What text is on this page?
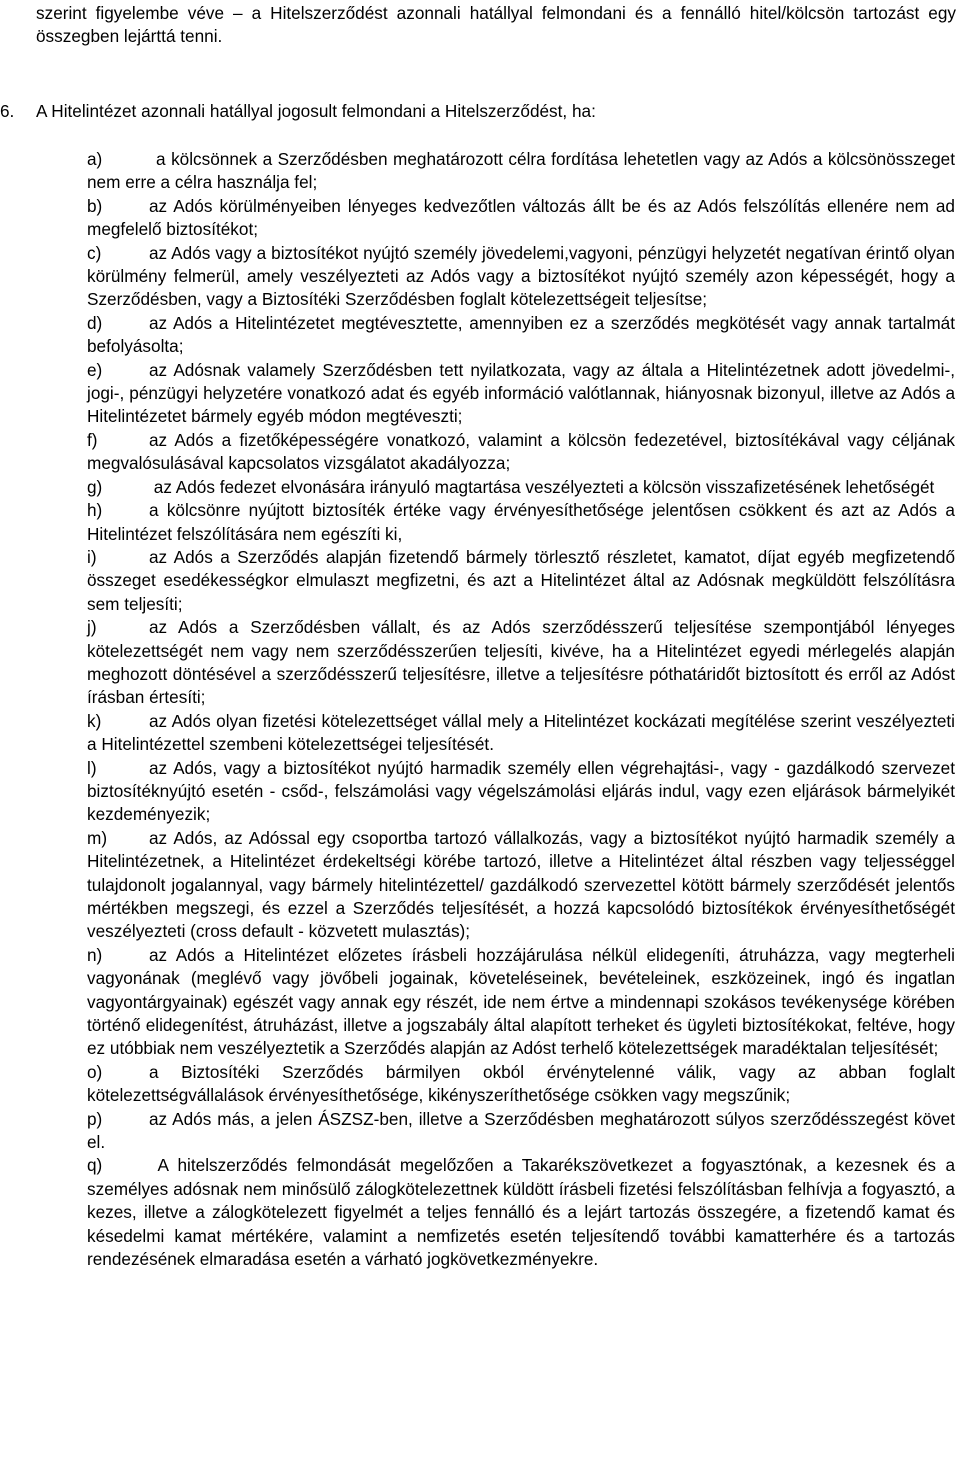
szerint figyelembe véve – a Hitelszerződést azonnali hatállyal felmondani és a fennálló hitel/kölcsön tartozást egy összegben lejárttá tenni.

6. A Hitelintézet azonnali hatállyal jogosult felmondani a Hitelszerződést, ha:

a)	a kölcsönnek a Szerződésben meghatározott célra fordítása lehetetlen vagy az Adós a kölcsönösszeget nem erre a célra használja fel;

b)	az Adós körülményeiben lényeges kedvezőtlen változás állt be és az Adós felszólítás ellenére nem ad megfelelő biztosítékot;

c)	az Adós vagy a biztosítékot nyújtó személy jövedelemi,vagyoni, pénzügyi helyzetét negatívan érintő olyan körülmény felmerül, amely veszélyezteti az Adós vagy a biztosítékot nyújtó személy azon képességét, hogy a Szerződésben, vagy a Biztosítéki Szerződésben foglalt kötelezettségeit teljesítse;

d)	az Adós a Hitelintézetet megtévesztette, amennyiben ez a szerződés megkötését vagy annak tartalmát befolyásolta;

e)	az Adósnak valamely Szerződésben tett nyilatkozata, vagy az általa a Hitelintézetnek adott jövedelmi-, jogi-, pénzügyi helyzetére vonatkozó adat és egyéb információ valótlannak, hiányosnak bizonyul, illetve az Adós a Hitelintézetet bármely egyéb módon megtéveszti;

f)	az Adós a fizetőképességére vonatkozó, valamint a kölcsön fedezetével, biztosítékával vagy céljának megvalósulásával kapcsolatos vizsgálatot akadályozza;

g)	az Adós fedezet elvonására irányuló magtartása veszélyezteti a kölcsön visszafizetésének lehetőségét

h)	a kölcsönre nyújtott biztosíték értéke vagy érvényesíthetősége jelentősen csökkent és azt az Adós a Hitelintézet felszólítására nem egészíti ki,

i)	az Adós a Szerződés alapján fizetendő bármely törlesztő részletet, kamatot, díjat egyéb megfizetendő összeget esedékességkor elmulaszt megfizetni, és azt a Hitelintézet által az Adósnak megküldött felszólításra sem teljesíti;

j)	az Adós a Szerződésben vállalt, és az Adós szerződésszerű teljesítése szempontjából lényeges kötelezettségét nem vagy nem szerződésszerűen teljesíti, kivéve, ha a Hitelintézet egyedi mérlegelés alapján meghozott döntésével a szerződésszerű teljesítésre, illetve a teljesítésre póthatáridőt biztosított és erről az Adóst írásban értesíti;

k)	az Adós olyan fizetési kötelezettséget vállal mely a Hitelintézet kockázati megítélése szerint veszélyezteti a Hitelintézettel szembeni kötelezettségei teljesítését.

l)	az Adós, vagy a biztosítékot nyújtó harmadik személy ellen végrehajtási-, vagy - gazdálkodó szervezet biztosítéknyújtó esetén - csőd-, felszámolási vagy végelszámolási eljárás indul, vagy ezen eljárások bármelyikét kezdeményezik;

m) az Adós, az Adóssal egy csoportba tartozó vállalkozás, vagy a biztosítékot nyújtó harmadik személy a Hitelintézetnek, a Hitelintézet érdekeltségi körébe tartozó, illetve a Hitelintézet által részben vagy teljességgel tulajdonolt jogalannyal, vagy bármely hitelintézettel/ gazdálkodó szervezettel kötött bármely szerződését jelentős mértékben megszegi, és ezzel a Szerződés teljesítését, a hozzá kapcsolódó biztosítékok érvényesíthetőségét veszélyezteti (cross default - közvetett mulasztás);

n)	az Adós a Hitelintézet előzetes írásbeli hozzájárulása nélkül elidegeníti, átruházza, vagy megterheli vagyonának (meglévő vagy jövőbeli jogainak, követeléseinek, bevételeinek, eszközeinek, ingó és ingatlan vagyontárgyainak) egészét vagy annak egy részét, ide nem értve a mindennapi szokásos tevékenysége körében történő elidegenítést, átruházást, illetve a jogszabály által alapított terheket és ügyleti biztosítékokat, feltéve, hogy ez utóbbiak nem veszélyeztetik a Szerződés alapján az Adóst terhelő kötelezettségek maradéktalan teljesítését;

o)	a Biztosítéki Szerződés bármilyen okból érvénytelenné válik, vagy az abban foglalt kötelezettségvállalások érvényesíthetősége, kikényszeríthetősége csökken vagy megszűnik;

p)	az Adós más, a jelen ÁSZSZ-ben, illetve a Szerződésben meghatározott súlyos szerződésszegést követ el.

q)	A hitelszerződés felmondását megelőzően a Takarékszövetkezet a fogyasztónak, a kezesnek és a személyes adósnak nem minősülő zálogkötelezettnek küldött írásbeli fizetési felszólításban felhívja a fogyasztó, a kezes, illetve a zálogkötelezett figyelmét a teljes fennálló és a lejárt tartozás összegére, a fizetendő kamat és késedelmi kamat mértékére, valamint a nemfizetés esetén teljesítendő további kamatterhére és a tartozás rendezésének elmaradása esetén a várható jogkövetkezményekre.
